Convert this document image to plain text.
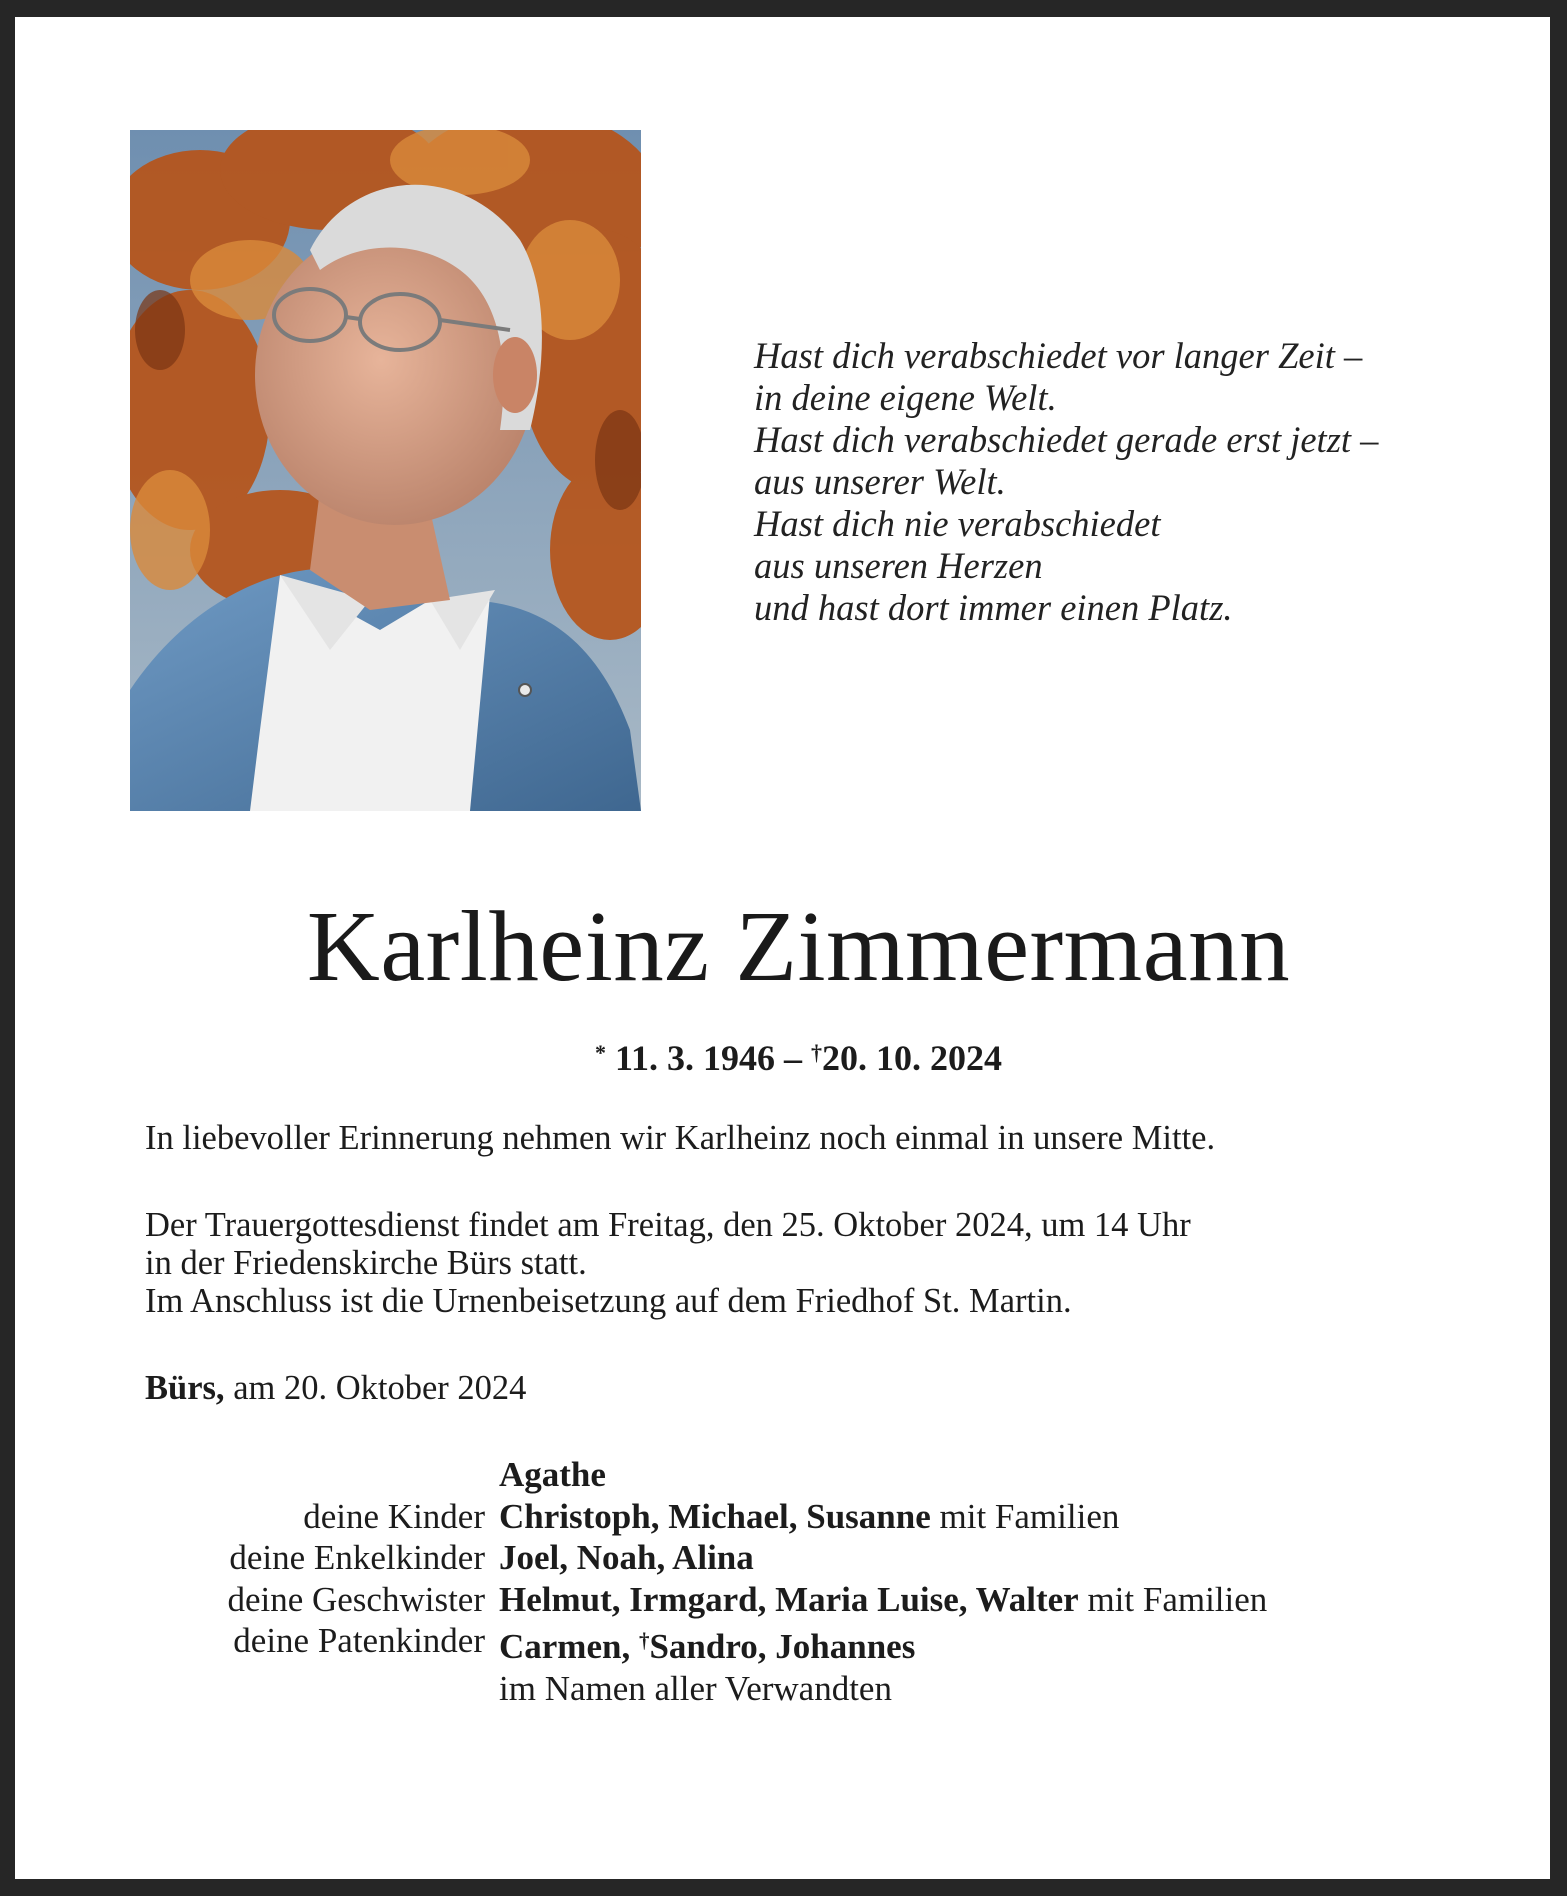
Hast dich verabschiedet vor langer Zeit –
in deine eigene Welt.
Hast dich verabschiedet gerade erst jetzt –
aus unserer Welt.
Hast dich nie verabschiedet
aus unseren Herzen
und hast dort immer einen Platz.
Karlheinz Zimmermann
* 11. 3. 1946 – †20. 10. 2024
In liebevoller Erinnerung nehmen wir Karlheinz noch einmal in unsere Mitte.
Der Trauergottesdienst findet am Freitag, den 25. Oktober 2024, um 14 Uhr
in der Friedenskirche Bürs statt.
Im Anschluss ist die Urnenbeisetzung auf dem Friedhof St. Martin.
Bürs, am 20. Oktober 2024
Agathe
deine Kinder Christoph, Michael, Susanne mit Familien
deine Enkelkinder Joel, Noah, Alina
deine Geschwister Helmut, Irmgard, Maria Luise, Walter mit Familien
deine Patenkinder Carmen, †Sandro, Johannes
im Namen aller Verwandten
